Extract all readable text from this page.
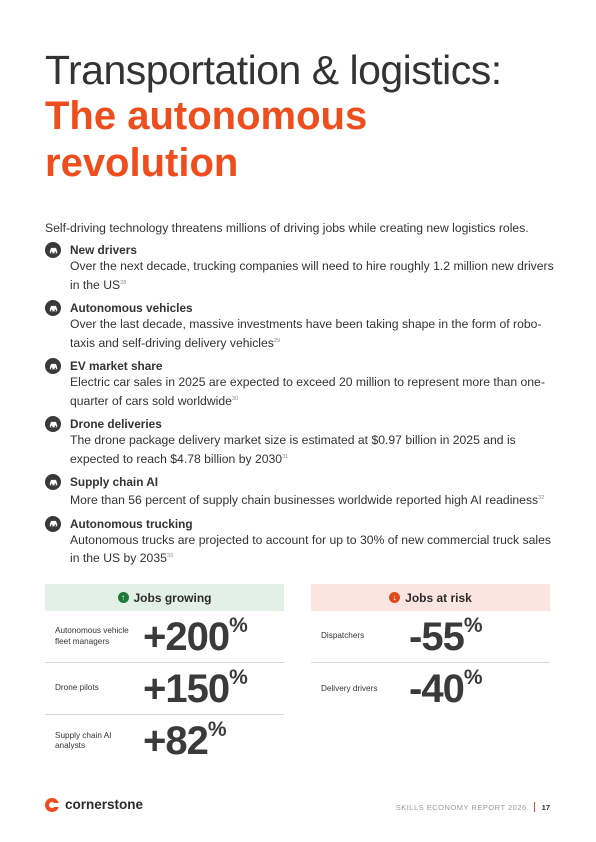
Transportation & logistics:
The autonomous revolution
Self-driving technology threatens millions of driving jobs while creating new logistics roles.
New drivers
Over the next decade, trucking companies will need to hire roughly 1.2 million new drivers in the US$^{28}$
Autonomous vehicles
Over the last decade, massive investments have been taking shape in the form of robo-taxis and self-driving delivery vehicles$^{29}$
EV market share
Electric car sales in 2025 are expected to exceed 20 million to represent more than one-quarter of cars sold worldwide$^{30}$
Drone deliveries
The drone package delivery market size is estimated at $0.97 billion in 2025 and is expected to reach $4.78 billion by 2030$^{31}$
Supply chain AI
More than 56 percent of supply chain businesses worldwide reported high AI readiness$^{32}$
Autonomous trucking
Autonomous trucks are projected to account for up to 30% of new commercial truck sales in the US by 2035$^{33}$
↑ Jobs growing
Autonomous vehicle fleet managers +200%
Drone pilots	+150%
Supply chain AI analysts	+82%
↓ Jobs at risk
Dispatchers	-55%
Delivery drivers -40%
cornerstone	SKILLS ECONOMY REPORT 2026 17
